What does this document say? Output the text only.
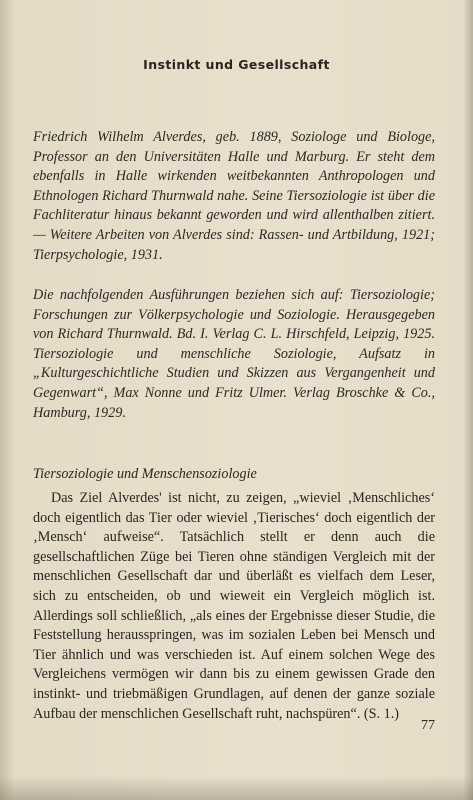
Instinkt und Gesellschaft
Friedrich Wilhelm Alverdes, geb. 1889, Soziologe und Biologe, Professor an den Universitäten Halle und Marburg. Er steht dem ebenfalls in Halle wirkenden weitbekannten Anthropologen und Ethnologen Richard Thurnwald nahe. Seine Tiersoziologie ist über die Fachliteratur hinaus bekannt geworden und wird allenthalben zitiert. — Weitere Arbeiten von Alverdes sind: Rassen- und Artbildung, 1921; Tierpsychologie, 1931.
Die nachfolgenden Ausführungen beziehen sich auf: Tiersoziologie; Forschungen zur Völkerpsychologie und Soziologie. Herausgegeben von Richard Thurnwald. Bd. I. Verlag C. L. Hirschfeld, Leipzig, 1925. Tiersoziologie und menschliche Soziologie, Aufsatz in „Kulturgeschichtliche Studien und Skizzen aus Vergangenheit und Gegenwart“, Max Nonne und Fritz Ulmer. Verlag Broschke & Co., Hamburg, 1929.
Tiersoziologie und Menschensoziologie
Das Ziel Alverdes' ist nicht, zu zeigen, „wieviel ‚Menschliches‘ doch eigentlich das Tier oder wieviel ‚Tierisches‘ doch eigentlich der ‚Mensch‘ aufweise“. Tatsächlich stellt er denn auch die gesellschaftlichen Züge bei Tieren ohne ständigen Vergleich mit der menschlichen Gesellschaft dar und überläßt es vielfach dem Leser, sich zu entscheiden, ob und wieweit ein Vergleich möglich ist. Allerdings soll schließlich, „als eines der Ergebnisse dieser Studie, die Feststellung herausspringen, was im sozialen Leben bei Mensch und Tier ähnlich und was verschieden ist. Auf einem solchen Wege des Vergleichens vermögen wir dann bis zu einem gewissen Grade den instinkt- und triebmäßigen Grundlagen, auf denen der ganze soziale Aufbau der menschlichen Gesellschaft ruht, nachspüren“. (S. 1.)
77
